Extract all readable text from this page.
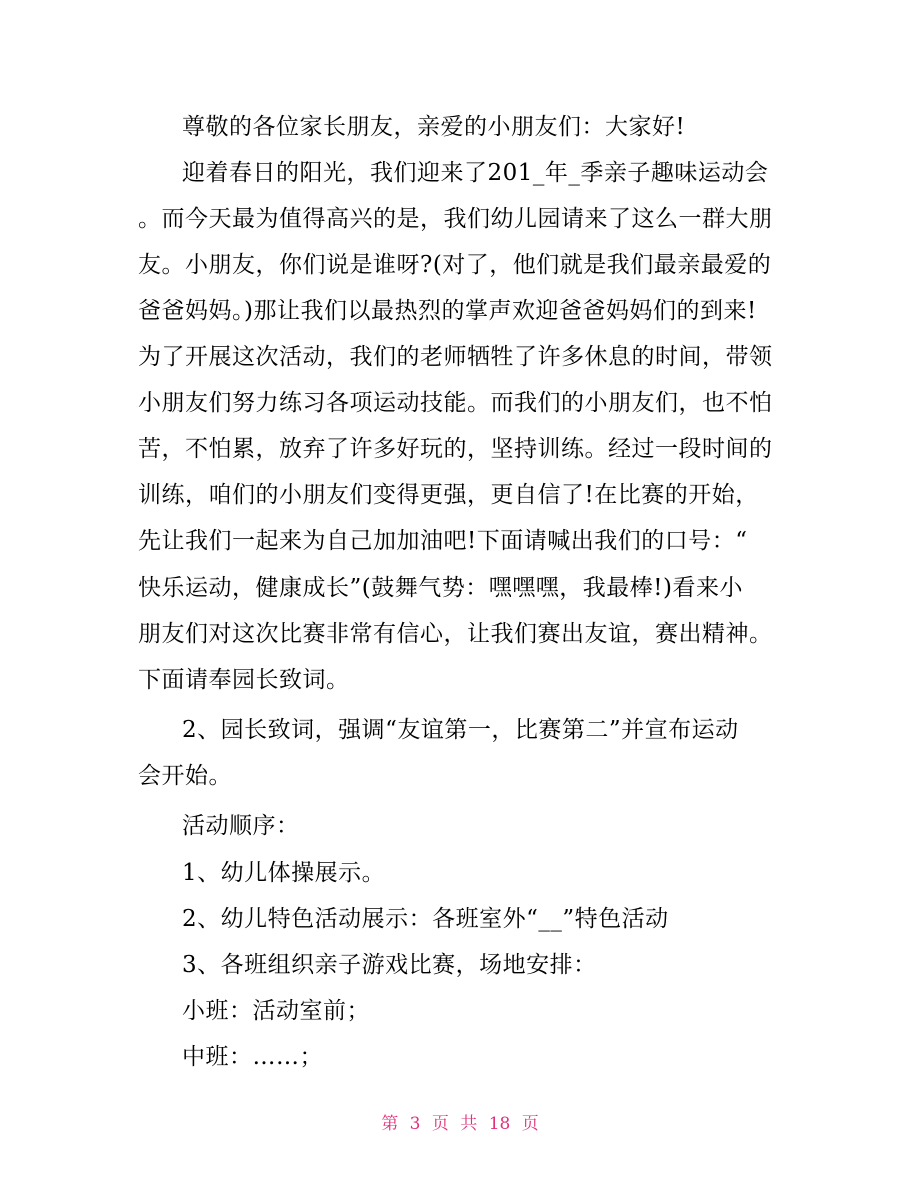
尊敬的各位家长朋友，亲爱的小朋友们：大家好!
迎着春日的阳光，我们迎来了201_年_季亲子趣味运动会
。而今天最为值得高兴的是，我们幼儿园请来了这么一群大朋
友。小朋友，你们说是谁呀?(对了，他们就是我们最亲最爱的
爸爸妈妈。)那让我们以最热烈的掌声欢迎爸爸妈妈们的到来!
为了开展这次活动，我们的老师牺牲了许多休息的时间，带领
小朋友们努力练习各项运动技能。而我们的小朋友们，也不怕
苦，不怕累，放弃了许多好玩的，坚持训练。经过一段时间的
训练，咱们的小朋友们变得更强，更自信了!在比赛的开始，
先让我们一起来为自己加加油吧!下面请喊出我们的口号：“
快乐运动，健康成长”(鼓舞气势：嘿嘿嘿，我最棒!)看来小
朋友们对这次比赛非常有信心，让我们赛出友谊，赛出精神。
下面请奉园长致词。
2、园长致词，强调“友谊第一，比赛第二”并宣布运动
会开始。
活动顺序：
1、幼儿体操展示。
2、幼儿特色活动展示：各班室外“__”特色活动
3、各班组织亲子游戏比赛，场地安排：
小班：活动室前；
中班：……；
第 3 页 共 18 页
